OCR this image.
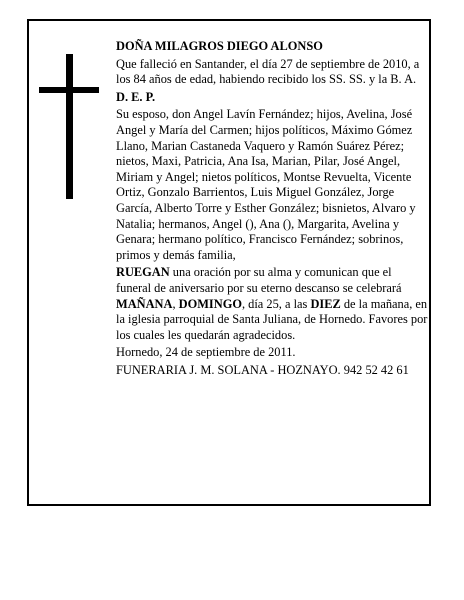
DOÑA MILAGROS DIEGO ALONSO

Que falleció en Santander, el día 27 de septiembre de 2010, a los 84 años de edad, habiendo recibido los SS. SS. y la B. A.

D. E. P.

Su esposo, don Angel Lavín Fernández; hijos, Avelina, José Angel y María del Carmen; hijos políticos, Máximo Gómez Llano, Marian Castaneda Vaquero y Ramón Suárez Pérez; nietos, Maxi, Patricia, Ana Isa, Marian, Pilar, José Angel, Miriam y Angel; nietos políticos, Montse Revuelta, Vicente Ortiz, Gonzalo Barrientos, Luis Miguel González, Jorge García, Alberto Torre y Esther González; bisnietos, Alvaro y Natalia; hermanos, Angel (), Ana (), Margarita, Avelina y Genara; hermano político, Francisco Fernández; sobrinos, primos y demás familia,

RUEGAN una oración por su alma y comunican que el funeral de aniversario por su eterno descanso se celebrará MAÑANA, DOMINGO, día 25, a las DIEZ de la mañana, en la iglesia parroquial de Santa Juliana, de Hornedo. Favores por los cuales les quedarán agradecidos.

Hornedo, 24 de septiembre de 2011.

FUNERARIA J. M. SOLANA - HOZNAYO. 942 52 42 61
